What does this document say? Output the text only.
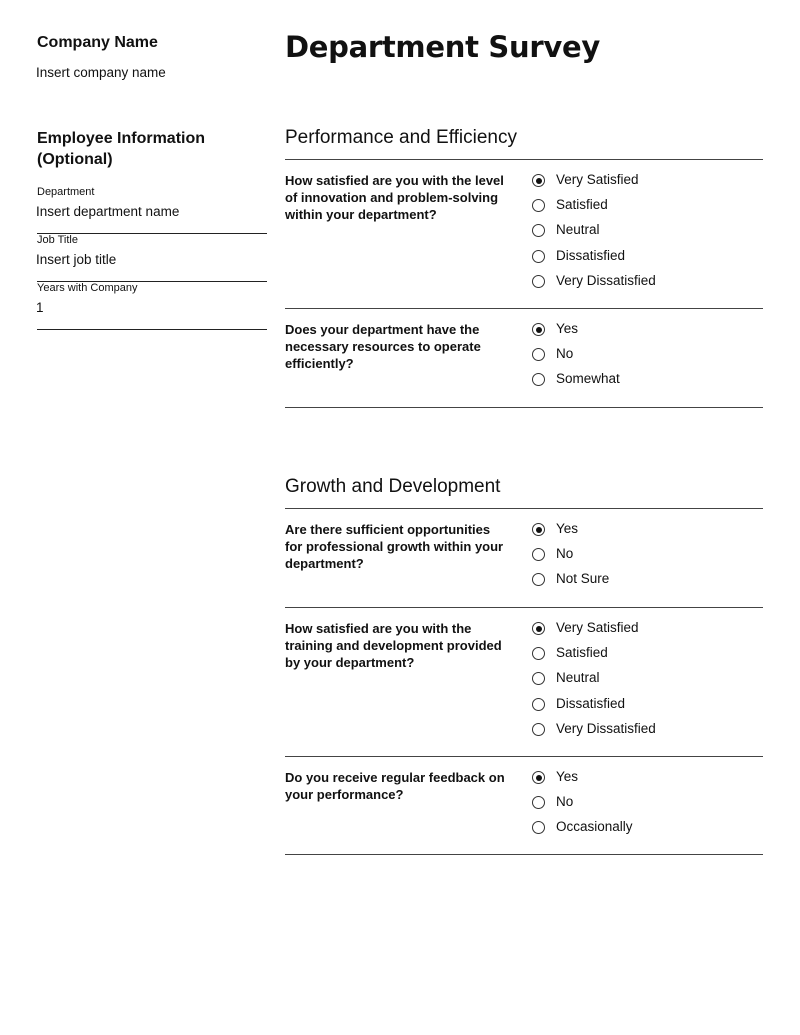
Company Name
Insert company name
Employee Information (Optional)
Department
Insert department name
Job Title
Insert job title
Years with Company
1
Department Survey
Performance and Efficiency
How satisfied are you with the level of innovation and problem-solving within your department?
Very Satisfied
Satisfied
Neutral
Dissatisfied
Very Dissatisfied
Does your department have the necessary resources to operate efficiently?
Yes
No
Somewhat
Growth and Development
Are there sufficient opportunities for professional growth within your department?
Yes
No
Not Sure
How satisfied are you with the training and development provided by your department?
Very Satisfied
Satisfied
Neutral
Dissatisfied
Very Dissatisfied
Do you receive regular feedback on your performance?
Yes
No
Occasionally
